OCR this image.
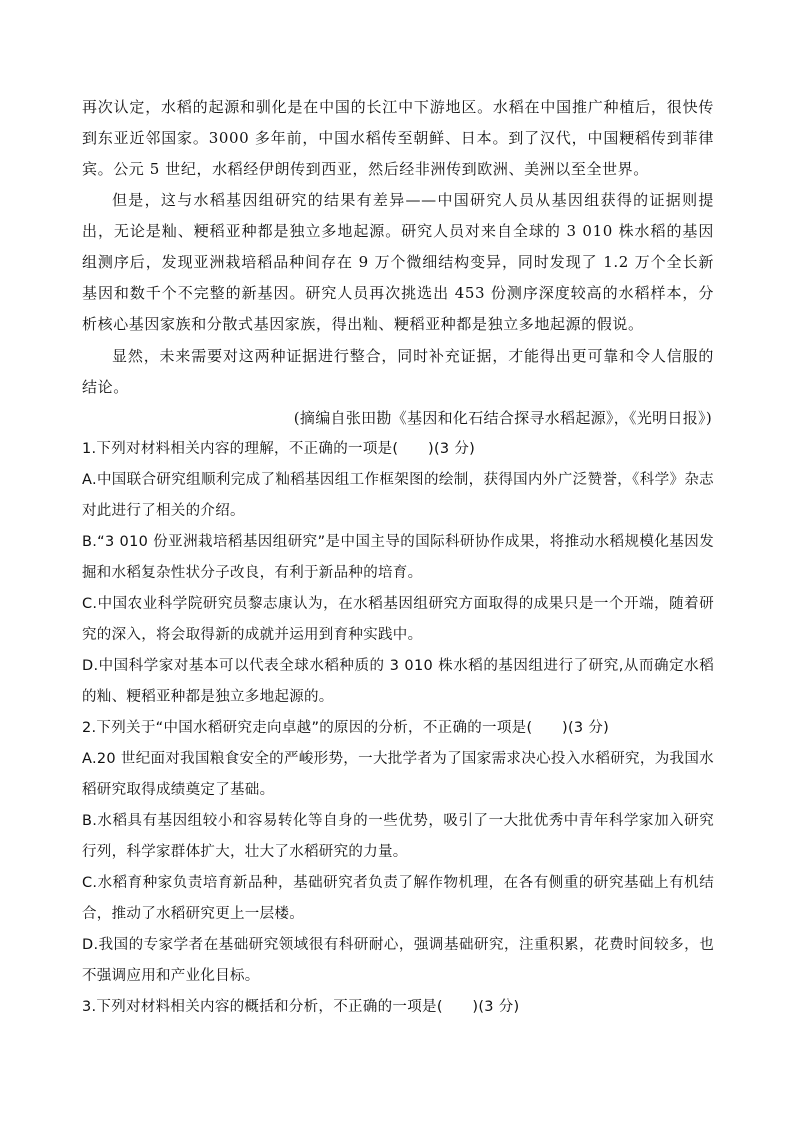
再次认定，水稻的起源和驯化是在中国的长江中下游地区。水稻在中国推广种植后，很快传到东亚近邻国家。3000 多年前，中国水稻传至朝鲜、日本。到了汉代，中国粳稻传到菲律宾。公元 5 世纪，水稻经伊朗传到西亚，然后经非洲传到欧洲、美洲以至全世界。
但是，这与水稻基因组研究的结果有差异——中国研究人员从基因组获得的证据则提出，无论是籼、粳稻亚种都是独立多地起源。研究人员对来自全球的 3 010 株水稻的基因组测序后，发现亚洲栽培稻品种间存在 9 万个微细结构变异，同时发现了 1.2 万个全长新基因和数千个不完整的新基因。研究人员再次挑选出 453 份测序深度较高的水稻样本，分析核心基因家族和分散式基因家族，得出籼、粳稻亚种都是独立多地起源的假说。
显然，未来需要对这两种证据进行整合，同时补充证据，才能得出更可靠和令人信服的结论。
(摘编自张田勘《基因和化石结合探寻水稻起源》，《光明日报》)
1.下列对材料相关内容的理解，不正确的一项是(　　)(3 分)
A.中国联合研究组顺利完成了籼稻基因组工作框架图的绘制，获得国内外广泛赞誉，《科学》杂志对此进行了相关的介绍。
B.“3 010 份亚洲栽培稻基因组研究”是中国主导的国际科研协作成果，将推动水稻规模化基因发掘和水稻复杂性状分子改良，有利于新品种的培育。
C.中国农业科学院研究员黎志康认为，在水稻基因组研究方面取得的成果只是一个开端，随着研究的深入，将会取得新的成就并运用到育种实践中。
D.中国科学家对基本可以代表全球水稻种质的 3 010 株水稻的基因组进行了研究,从而确定水稻的籼、粳稻亚种都是独立多地起源的。
2.下列关于“中国水稻研究走向卓越”的原因的分析，不正确的一项是(　　)(3 分)
A.20 世纪面对我国粮食安全的严峻形势，一大批学者为了国家需求决心投入水稻研究，为我国水稻研究取得成绩奠定了基础。
B.水稻具有基因组较小和容易转化等自身的一些优势，吸引了一大批优秀中青年科学家加入研究行列，科学家群体扩大，壮大了水稻研究的力量。
C.水稻育种家负责培育新品种，基础研究者负责了解作物机理，在各有侧重的研究基础上有机结合，推动了水稻研究更上一层楼。
D.我国的专家学者在基础研究领域很有科研耐心，强调基础研究，注重积累，花费时间较多，也不强调应用和产业化目标。
3.下列对材料相关内容的概括和分析，不正确的一项是(　　)(3 分)
